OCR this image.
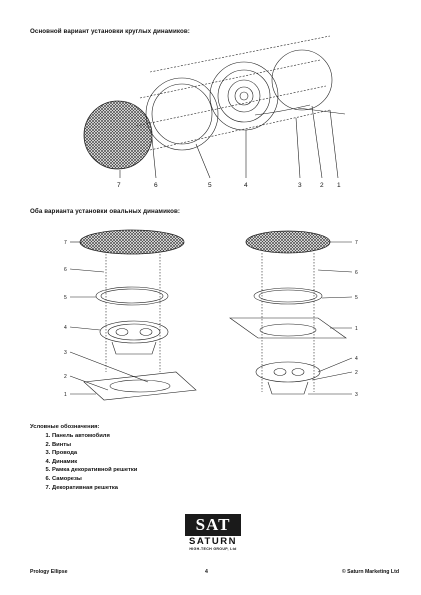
Основной вариант установки круглых динамиков:
7	6	5	4	3	2 1
Оба варианта установки овальных динамиков:
7
6
5
4
3
2
1
7
6
5
1
4
2
3
Условные обозначения:
1. Панель автомобиля
2. Винты
3. Провода
4. Динамик
5. Рамка декоративной решетки
6. Саморезы
7. Декоративная решетка
SAT
SATURN
HIGH-TECH GROUP, Ltd
Prology Ellipse	4	© Saturn Marketing Ltd
